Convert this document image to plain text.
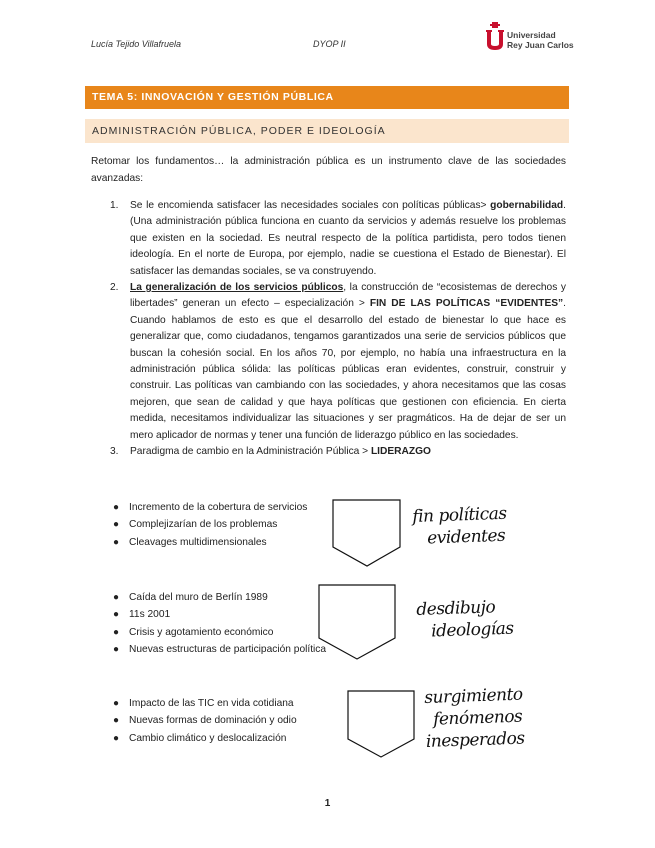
Lucía Tejido Villafruela	DYOP II
Universidad
Rey Juan Carlos
TEMA 5: INNOVACIÓN Y GESTIÓN PÚBLICA
ADMINISTRACIÓN PÚBLICA, PODER E IDEOLOGÍA
Retomar los fundamentos… la administración pública es un instrumento clave de las sociedades avanzadas:
1. Se le encomienda satisfacer las necesidades sociales con políticas públicas> gobernabilidad. (Una administración pública funciona en cuanto da servicios y además resuelve los problemas que existen en la sociedad. Es neutral respecto de la política partidista, pero todos tienen ideología. En el norte de Europa, por ejemplo, nadie se cuestiona el Estado de Bienestar). El satisfacer las demandas sociales, se va construyendo.
2. La generalización de los servicios públicos, la construcción de “ecosistemas de derechos y libertades” generan un efecto – especialización > FIN DE LAS POLÍTICAS “EVIDENTES”. Cuando hablamos de esto es que el desarrollo del estado de bienestar lo que hace es generalizar que, como ciudadanos, tengamos garantizados una serie de servicios públicos que buscan la cohesión social. En los años 70, por ejemplo, no había una infraestructura en la administración pública sólida: las políticas públicas eran evidentes, construir, construir y construir. Las políticas van cambiando con las sociedades, y ahora necesitamos que las cosas mejoren, que sean de calidad y que haya políticas que gestionen con eficiencia. En cierta medida, necesitamos individualizar las situaciones y ser pragmáticos. Ha de dejar de ser un mero aplicador de normas y tener una función de liderazgo público en las sociedades.
3. Paradigma de cambio en la Administración Pública > LIDERAZGO
● Incremento de la cobertura de servicios
● Complejizarían de los problemas
● Cleavages multidimensionales
fin políticas
evidentes
● Caída del muro de Berlín 1989
● 11s 2001
● Crisis y agotamiento económico
● Nuevas estructuras de participación política
desdibujo
ideologías
● Impacto de las TIC en vida cotidiana
● Nuevas formas de dominación y odio
● Cambio climático y deslocalización
surgimiento
fenómenos
inesperados
1
